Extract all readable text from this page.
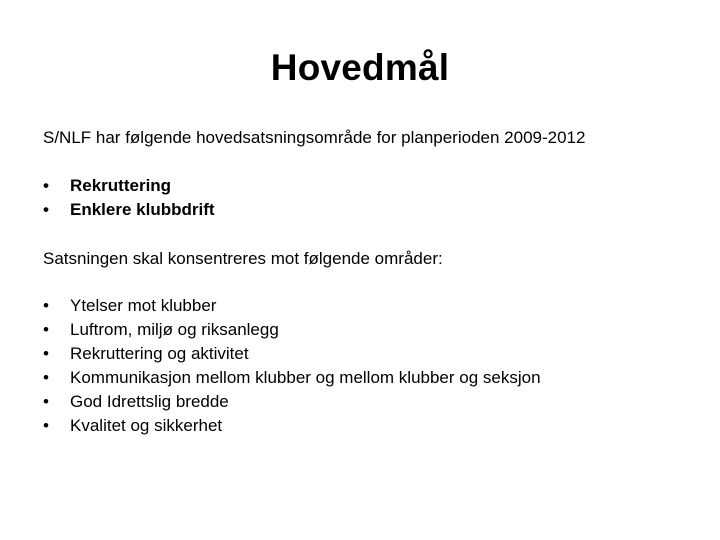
Hovedmål
S/NLF har følgende hovedsatsningsområde for planperioden 2009-2012
• Rekruttering
• Enklere klubbdrift
Satsningen skal konsentreres mot følgende områder:
• Ytelser mot klubber
• Luftrom, miljø og riksanlegg
• Rekruttering og aktivitet
• Kommunikasjon mellom klubber og mellom klubber og seksjon
• God Idrettslig bredde
• Kvalitet og sikkerhet
